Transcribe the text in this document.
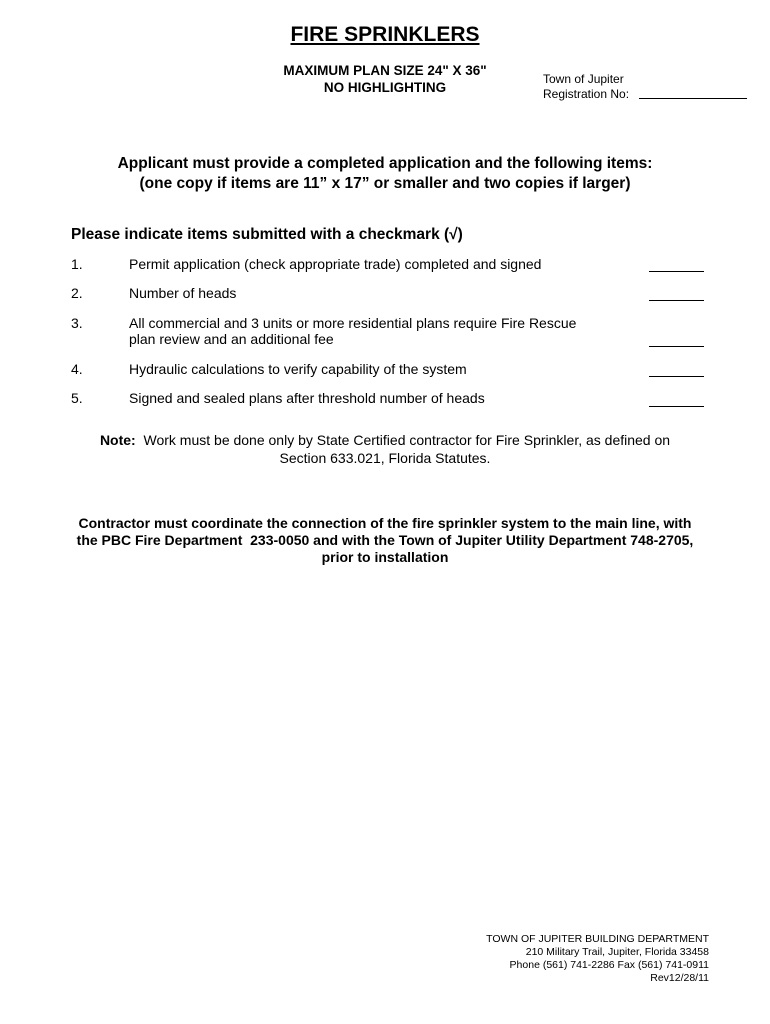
FIRE SPRINKLERS
MAXIMUM PLAN SIZE 24" X 36"
NO HIGHLIGHTING
Town of Jupiter
Registration No:
Applicant must provide a completed application and the following items:
(one copy if items are 11” x 17” or smaller and two copies if larger)
Please indicate items submitted with a checkmark (√)
1.	Permit application (check appropriate trade) completed and signed
2.	Number of heads
3.	All commercial and 3 units or more residential plans require Fire Rescue
plan review and an additional fee
4.	Hydraulic calculations to verify capability of the system
5.	Signed and sealed plans after threshold number of heads
Note: Work must be done only by State Certified contractor for Fire Sprinkler, as defined on
Section 633.021, Florida Statutes.
Contractor must coordinate the connection of the fire sprinkler system to the main line, with
the PBC Fire Department  233-0050 and with the Town of Jupiter Utility Department 748-2705,
prior to installation
TOWN OF JUPITER BUILDING DEPARTMENT
210 Military Trail, Jupiter, Florida 33458
Phone (561) 741-2286 Fax (561) 741-0911
Rev12/28/11
